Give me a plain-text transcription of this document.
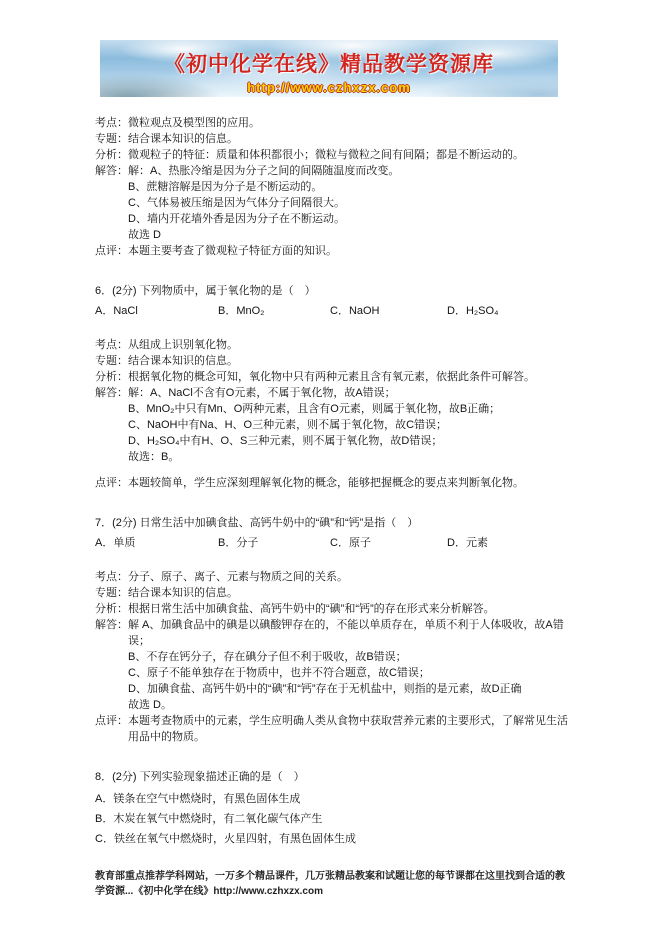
《初中化学在线》精品教学资源库
http://www.czhxzx.com
考点：微粒观点及模型图的应用。
专题：结合课本知识的信息。
分析：微观粒子的特征：质量和体积都很小；微粒与微粒之间有间隔；都是不断运动的。
解答：解：A、热胀冷缩是因为分子之间的间隔随温度而改变。
B、蔗糖溶解是因为分子是不断运动的。
C、气体易被压缩是因为气体分子间隔很大。
D、墙内开花墙外香是因为分子在不断运动。
故选 D
点评：本题主要考查了微观粒子特征方面的知识。
6．(2分) 下列物质中，属于氧化物的是（　）
A．NaCl	B．MnO₂	C．NaOH	D．H₂SO₄
考点：从组成上识别氧化物。
专题：结合课本知识的信息。
分析：根据氧化物的概念可知，氧化物中只有两种元素且含有氧元素，依据此条件可解答。
解答：解：A、NaCl不含有O元素，不属于氧化物，故A错误；
B、MnO₂中只有Mn、O两种元素，且含有O元素，则属于氧化物，故B正确；
C、NaOH中有Na、H、O三种元素，则不属于氧化物，故C错误；
D、H₂SO₄中有H、O、S三种元素，则不属于氧化物，故D错误；
故选：B。
点评：本题较简单，学生应深刻理解氧化物的概念，能够把握概念的要点来判断氧化物。
7．(2分) 日常生活中加碘食盐、高钙牛奶中的“碘”和“钙”是指（　）
A．单质	B．分子	C．原子	D．元素
考点：分子、原子、离子、元素与物质之间的关系。
专题：结合课本知识的信息。
分析：根据日常生活中加碘食盐、高钙牛奶中的“碘”和“钙”的存在形式来分析解答。
解答：解 A、加碘食品中的碘是以碘酸钾存在的，不能以单质存在，单质不利于人体吸收，故A错误；
B、不存在钙分子，存在碘分子但不利于吸收，故B错误；
C、原子不能单独存在于物质中，也并不符合题意，故C错误；
D、加碘食盐、高钙牛奶中的“碘”和“钙”存在于无机盐中，则指的是元素，故D正确
故选 D。
点评：本题考查物质中的元素，学生应明确人类从食物中获取营养元素的主要形式，了解常见生活用品中的物质。
8．(2分) 下列实验现象描述正确的是（　）
A．镁条在空气中燃烧时，有黑色固体生成
B．木炭在氧气中燃烧时，有二氧化碳气体产生
C．铁丝在氧气中燃烧时，火星四射，有黑色固体生成
教育部重点推荐学科网站，一万多个精品课件，几万张精品教案和试题让您的每节课都在这里找到合适的教学资源...《初中化学在线》http://www.czhxzx.com
